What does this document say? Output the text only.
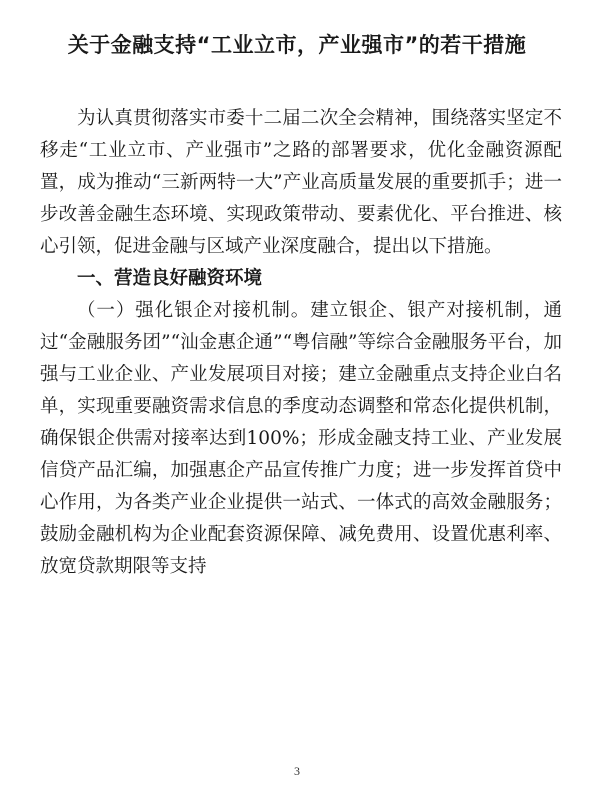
关于金融支持“工业立市，产业强市”的若干措施

为认真贯彻落实市委十二届二次全会精神，围绕落实坚定不移走“工业立市、产业强市”之路的部署要求，优化金融资源配置，成为推动“三新两特一大”产业高质量发展的重要抓手；进一步改善金融生态环境、实现政策带动、要素优化、平台推进、核心引领，促进金融与区域产业深度融合，提出以下措施。

一、营造良好融资环境

（一）强化银企对接机制。建立银企、银产对接机制，通过“金融服务团”“汕金惠企通”“粤信融”等综合金融服务平台，加强与工业企业、产业发展项目对接；建立金融重点支持企业白名单，实现重要融资需求信息的季度动态调整和常态化提供机制，确保银企供需对接率达到100%；形成金融支持工业、产业发展信贷产品汇编，加强惠企产品宣传推广力度；进一步发挥首贷中心作用，为各类产业企业提供一站式、一体式的高效金融服务；鼓励金融机构为企业配套资源保障、减免费用、设置优惠利率、放宽贷款期限等支持

3
